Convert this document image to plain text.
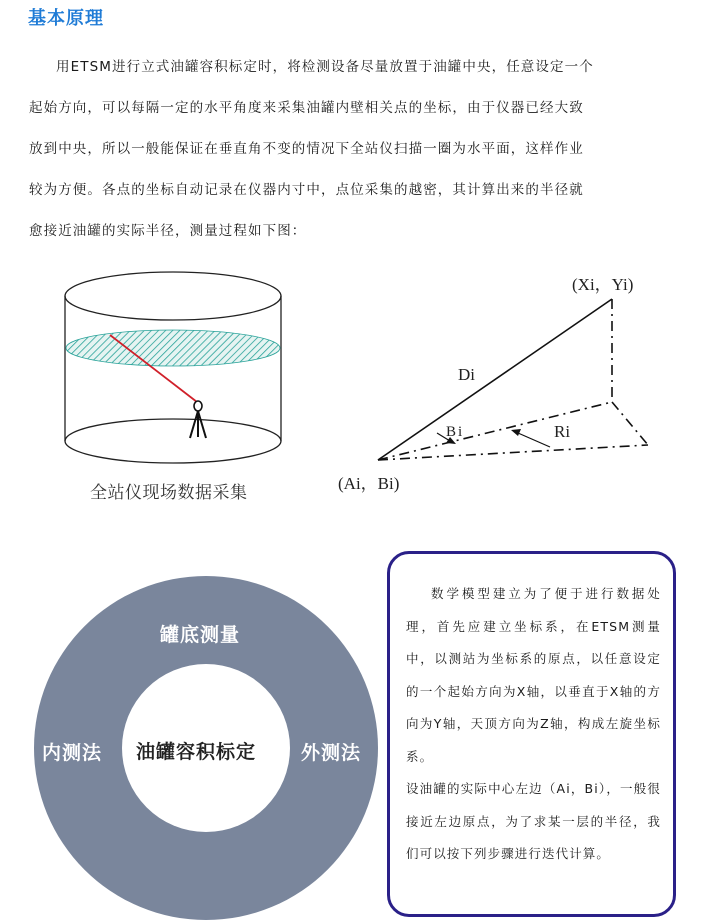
基本原理

用ETSM进行立式油罐容积标定时，将检测设备尽量放置于油罐中央，任意设定一个

起始方向，可以每隔一定的水平角度来采集油罐内壁相关点的坐标，由于仪器已经大致

放到中央，所以一般能保证在垂直角不变的情况下全站仪扫描一圈为水平面，这样作业

较为方便。各点的坐标自动记录在仪器内寸中，点位采集的越密，其计算出来的半径就

愈接近油罐的实际半径，测量过程如下图：

(Xi，Yi)
(Ai，Bi)
Di
Bi	Ri
全站仪现场数据采集
罐底测量
内测法	外测法
油罐容积标定

数学模型建立为了便于进行数据处理，首先应建立坐标系，在ETSM测量中，以测站为坐标系的原点，以任意设定的一个起始方向为X轴，以垂直于X轴的方向为Y轴，天顶方向为Z轴，构成左旋坐标系。

设油罐的实际中心左边（Ai，Bi），一般很接近左边原点，为了求某一层的半径，我们可以按下列步骤进行迭代计算。
